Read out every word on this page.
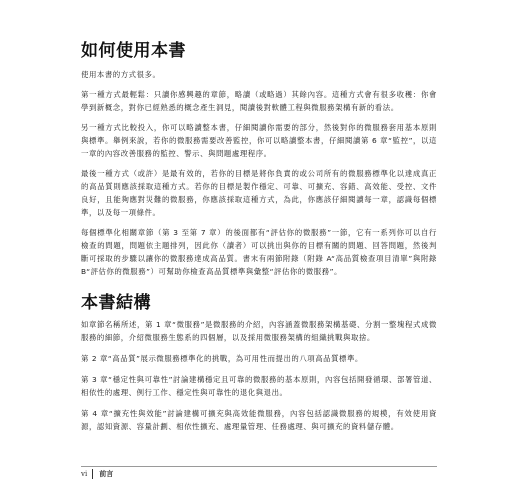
如何使用本書

使用本書的方式很多。

第一種方式最輕鬆：只讀你感興趣的章節，略讀（或略過）其餘內容。這種方式會有很多收穫：你會學到新概念，對你已經熟悉的概念產生洞見，閱讀後對軟體工程與微服務架構有新的看法。

另一種方式比較投入，你可以略讀整本書，仔細閱讀你需要的部分，然後對你的微服務套用基本原則與標準。舉例來說，若你的微服務需要改善監控，你可以略讀整本書，仔細閱讀第 6 章“監控”，以這一章的內容改善服務的監控、警示、與問題處理程序。

最後一種方式（或許）是最有效的，若你的目標是將你負責的或公司所有的微服務標準化以達成真正的高品質則應該採取這種方式。若你的目標是製作穩定、可靠、可擴充、容錯、高效能、受控、文件良好，且能夠應對災難的微服務，你應該採取這種方式，為此，你應該仔細閱讀每一章，認識每個標準，以及每一項條件。

每個標準化相關章節（第 3 至第 7 章）的後面都有“評估你的微服務”一節，它有一系列你可以自行檢查的問題，問題依主題排列，因此你（讀者）可以挑出與你的目標有關的問題、回答問題，然後判斷可採取的步驟以讓你的微服務達成高品質。書末有兩節附錄（附錄 A“高品質檢查項目清單”與附錄 B“評估你的微服務”）可幫助你檢查高品質標準與彙整“評估你的微服務”。

本書結構

如章節名稱所述，第 1 章“微服務”是微服務的介紹，內容涵蓋微服務架構基礎、分割一整塊程式成微服務的細節，介紹微服務生態系的四個層，以及採用微服務架構的組織挑戰與取捨。

第 2 章“高品質”展示微服務標準化的挑戰，為可用性而提出的八項高品質標準。

第 3 章“穩定性與可靠性”討論建構穩定且可靠的微服務的基本原則，內容包括開發循環、部署管道、相依性的處理、例行工作、穩定性與可靠性的退化與退出。

第 4 章“擴充性與效能”討論建構可擴充與高效能微服務，內容包括認識微服務的規模，有效使用資源，認知資源、容量計劃、相依性擴充、處理量管理、任務處理、與可擴充的資料儲存體。

vi 前言
